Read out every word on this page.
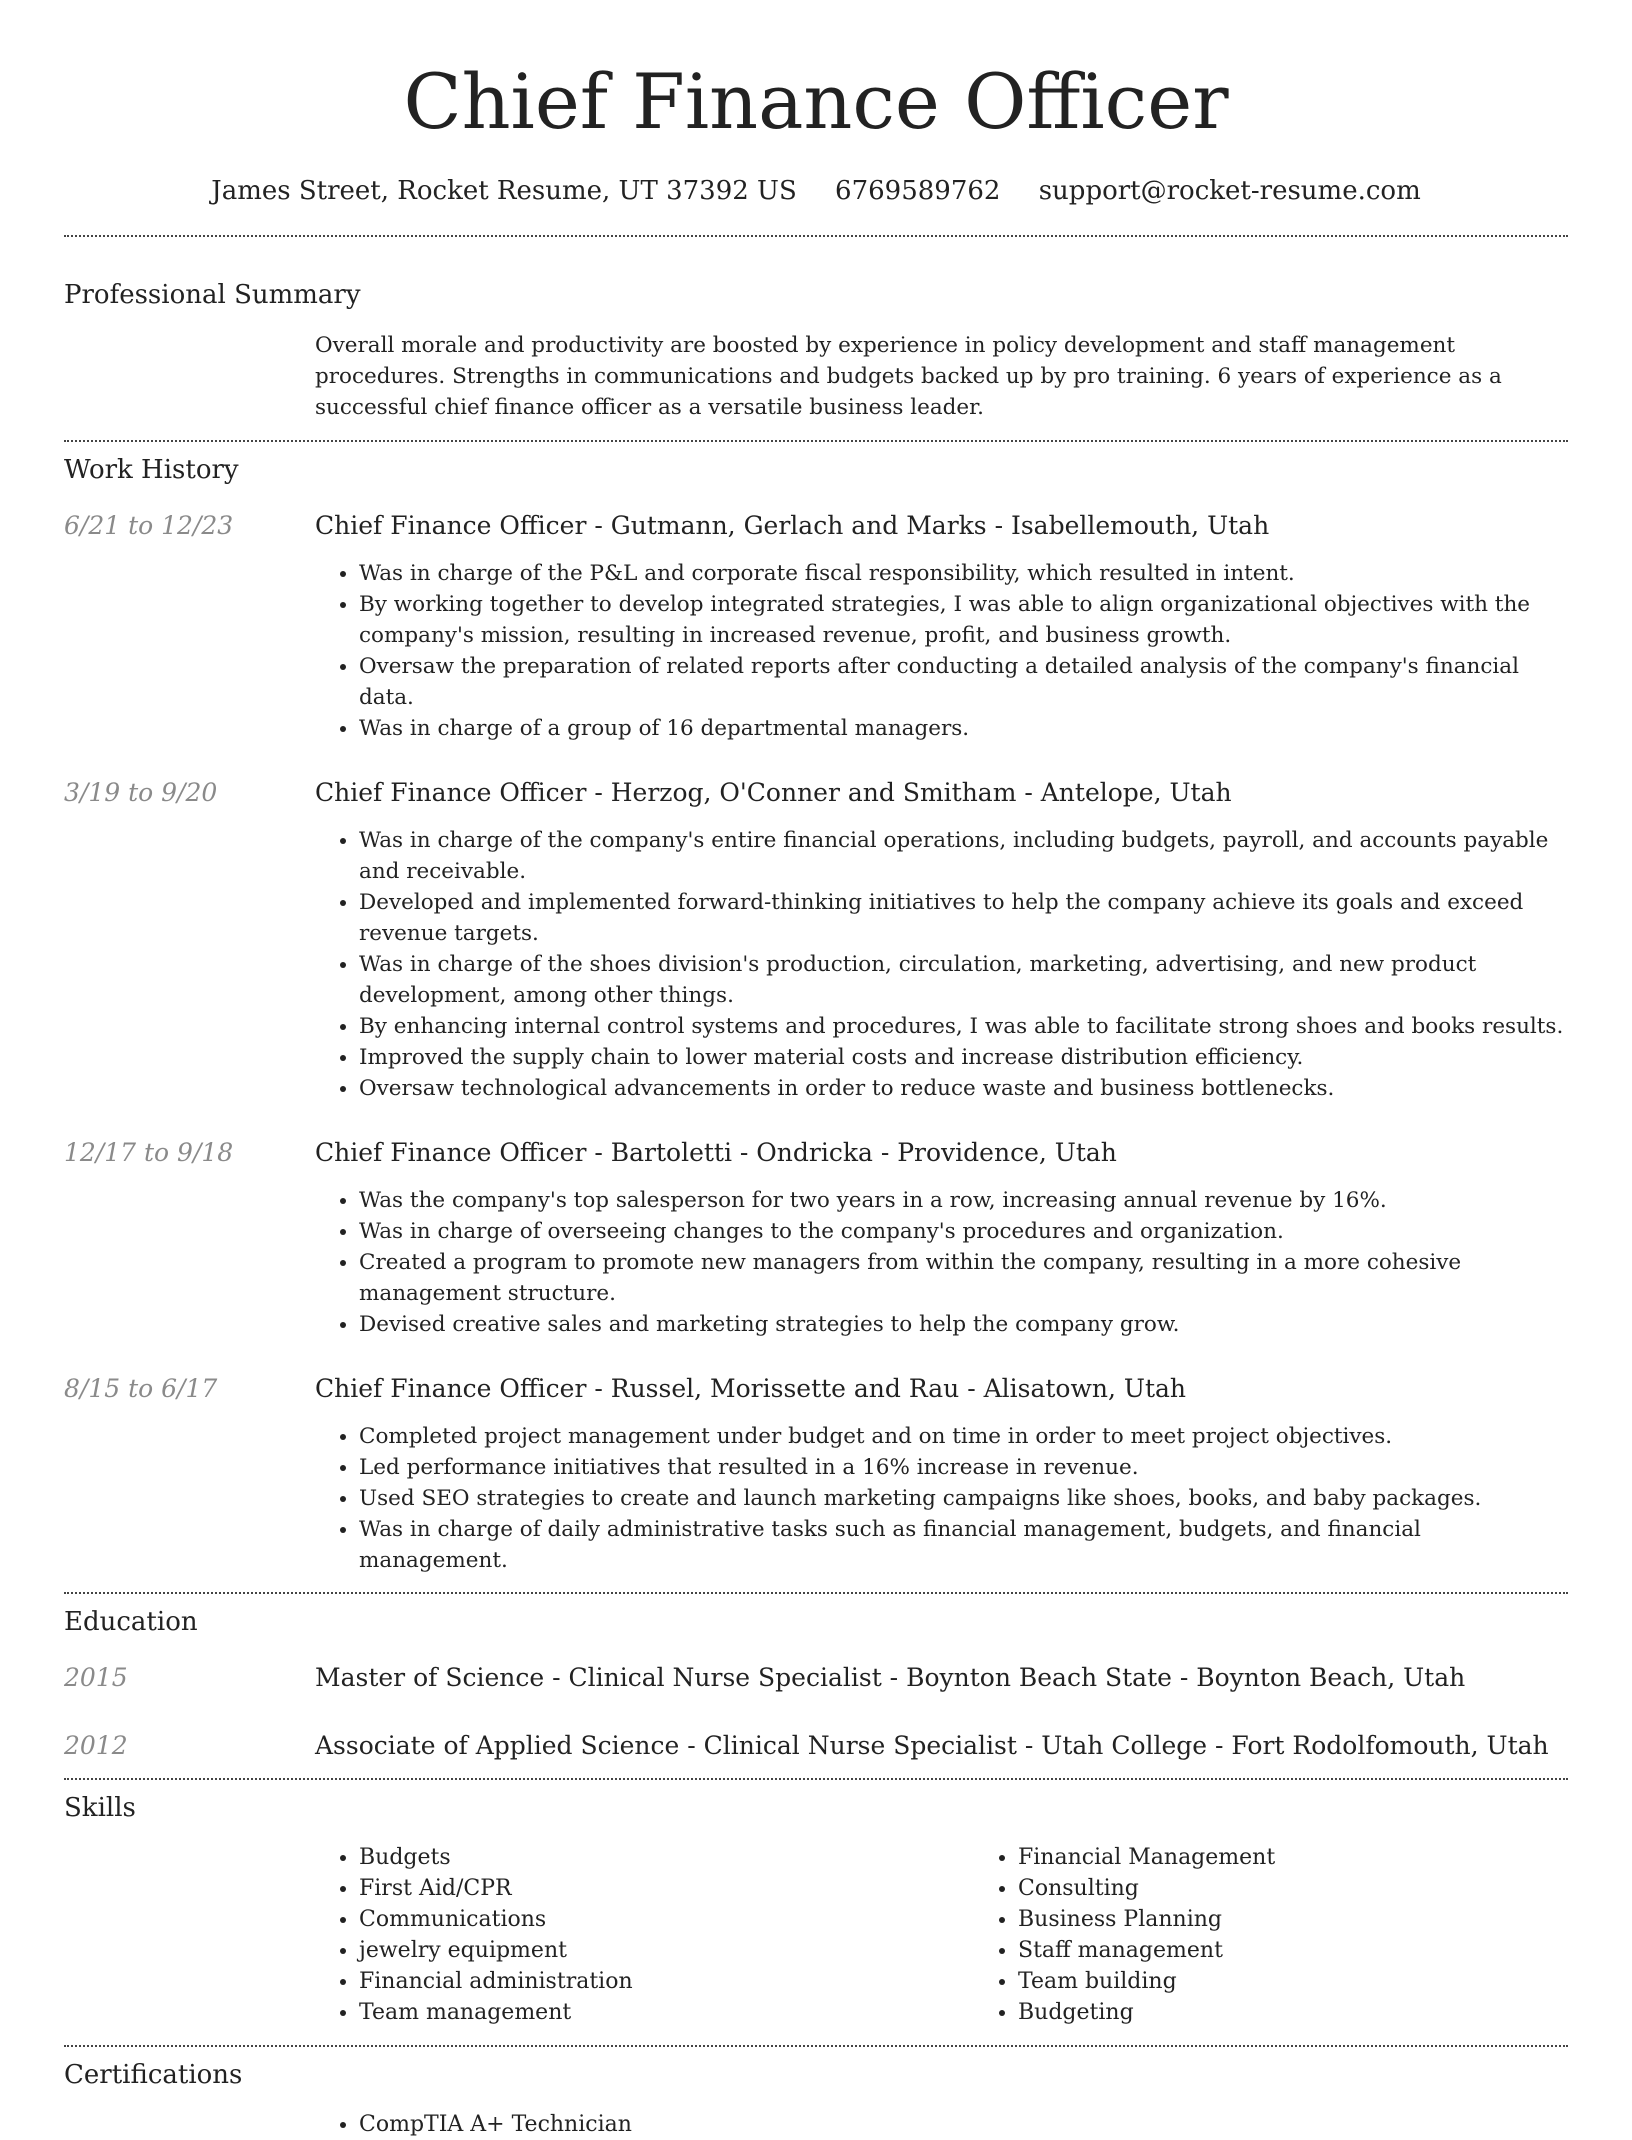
Chief Finance Officer
James Street, Rocket Resume, UT 37392 US 6769589762 support@rocket-resume.com
Professional Summary
Overall morale and productivity are boosted by experience in policy development and staff management procedures. Strengths in communications and budgets backed up by pro training. 6 years of experience as a successful chief finance officer as a versatile business leader.
Work History
6/21 to 12/23	Chief Finance Officer - Gutmann, Gerlach and Marks - Isabellemouth, Utah
• Was in charge of the P&L and corporate fiscal responsibility, which resulted in intent.
• By working together to develop integrated strategies, I was able to align organizational objectives with the company's mission, resulting in increased revenue, profit, and business growth.
• Oversaw the preparation of related reports after conducting a detailed analysis of the company's financial data.
• Was in charge of a group of 16 departmental managers.
3/19 to 9/20	Chief Finance Officer - Herzog, O'Conner and Smitham - Antelope, Utah
• Was in charge of the company's entire financial operations, including budgets, payroll, and accounts payable and receivable.
• Developed and implemented forward-thinking initiatives to help the company achieve its goals and exceed revenue targets.
• Was in charge of the shoes division's production, circulation, marketing, advertising, and new product development, among other things.
• By enhancing internal control systems and procedures, I was able to facilitate strong shoes and books results.
• Improved the supply chain to lower material costs and increase distribution efficiency.
• Oversaw technological advancements in order to reduce waste and business bottlenecks.
12/17 to 9/18	Chief Finance Officer - Bartoletti - Ondricka - Providence, Utah
• Was the company's top salesperson for two years in a row, increasing annual revenue by 16%.
• Was in charge of overseeing changes to the company's procedures and organization.
• Created a program to promote new managers from within the company, resulting in a more cohesive management structure.
• Devised creative sales and marketing strategies to help the company grow.
8/15 to 6/17	Chief Finance Officer - Russel, Morissette and Rau - Alisatown, Utah
• Completed project management under budget and on time in order to meet project objectives.
• Led performance initiatives that resulted in a 16% increase in revenue.
• Used SEO strategies to create and launch marketing campaigns like shoes, books, and baby packages.
• Was in charge of daily administrative tasks such as financial management, budgets, and financial management.
Education
2015	Master of Science - Clinical Nurse Specialist - Boynton Beach State - Boynton Beach, Utah
2012	Associate of Applied Science - Clinical Nurse Specialist - Utah College - Fort Rodolfomouth, Utah
Skills
• Budgets
• First Aid/CPR
• Communications
• jewelry equipment
• Financial administration
• Team management
• Financial Management
• Consulting
• Business Planning
• Staff management
• Team building
• Budgeting
Certifications
• CompTIA A+ Technician
